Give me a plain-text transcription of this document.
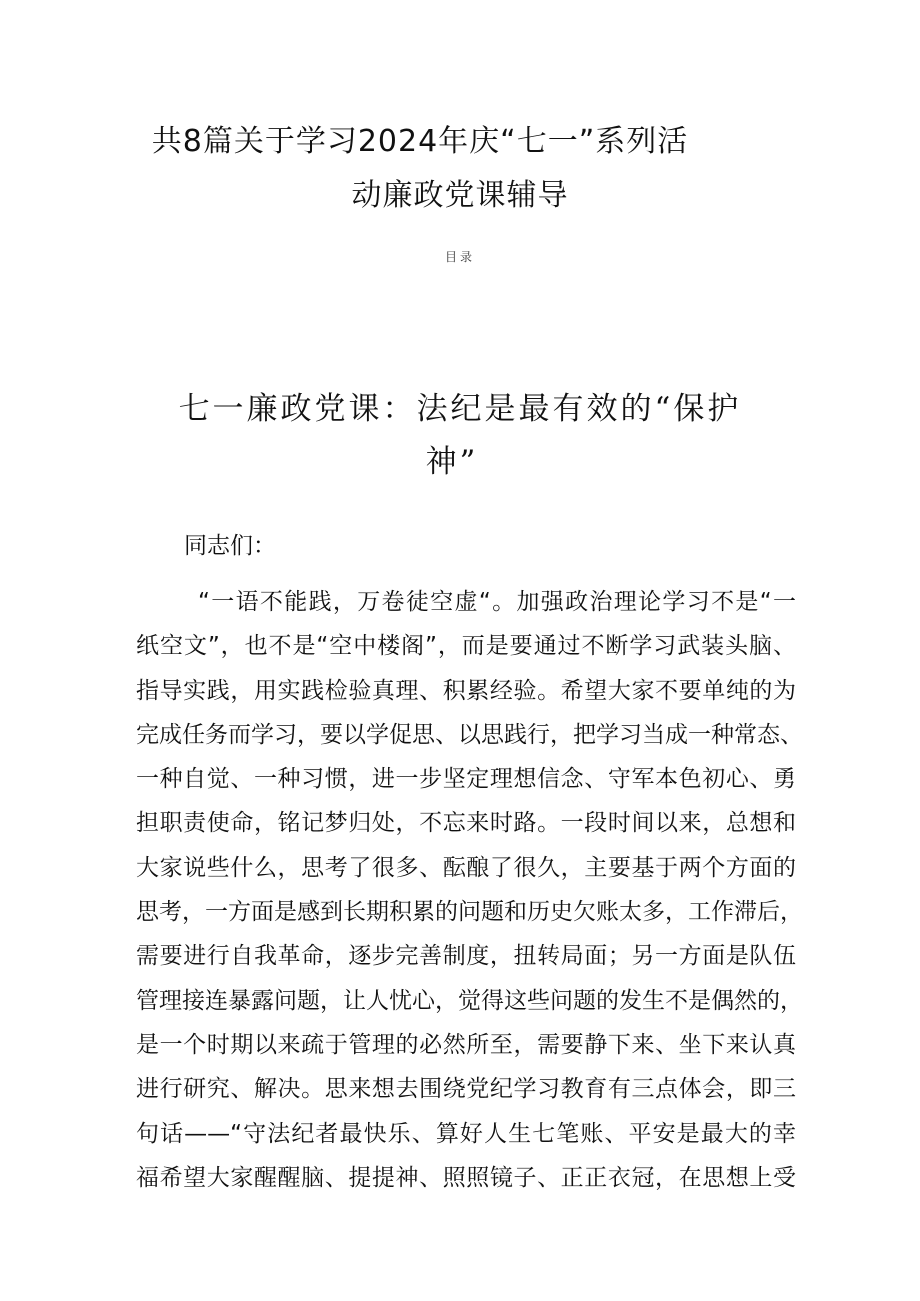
共8篇关于学习2024年庆“七一”系列活
动廉政党课辅导
目录
七一廉政党课：法纪是最有效的“保护
神”
同志们：
“一语不能践，万卷徒空虚“。加强政治理论学习不是“一
纸空文”，也不是“空中楼阁”，而是要通过不断学习武装头脑、
指导实践，用实践检验真理、积累经验。希望大家不要单纯的为
完成任务而学习，要以学促思、以思践行，把学习当成一种常态、
一种自觉、一种习惯，进一步坚定理想信念、守军本色初心、勇
担职责使命，铭记梦归处，不忘来时路。一段时间以来，总想和
大家说些什么，思考了很多、酝酿了很久，主要基于两个方面的
思考，一方面是感到长期积累的问题和历史欠账太多，工作滞后，
需要进行自我革命，逐步完善制度，扭转局面；另一方面是队伍
管理接连暴露问题，让人忧心，觉得这些问题的发生不是偶然的，
是一个时期以来疏于管理的必然所至，需要静下来、坐下来认真
进行研究、解决。思来想去围绕党纪学习教育有三点体会，即三
句话——“守法纪者最快乐、算好人生七笔账、平安是最大的幸
福希望大家醒醒脑、提提神、照照镜子、正正衣冠，在思想上受
